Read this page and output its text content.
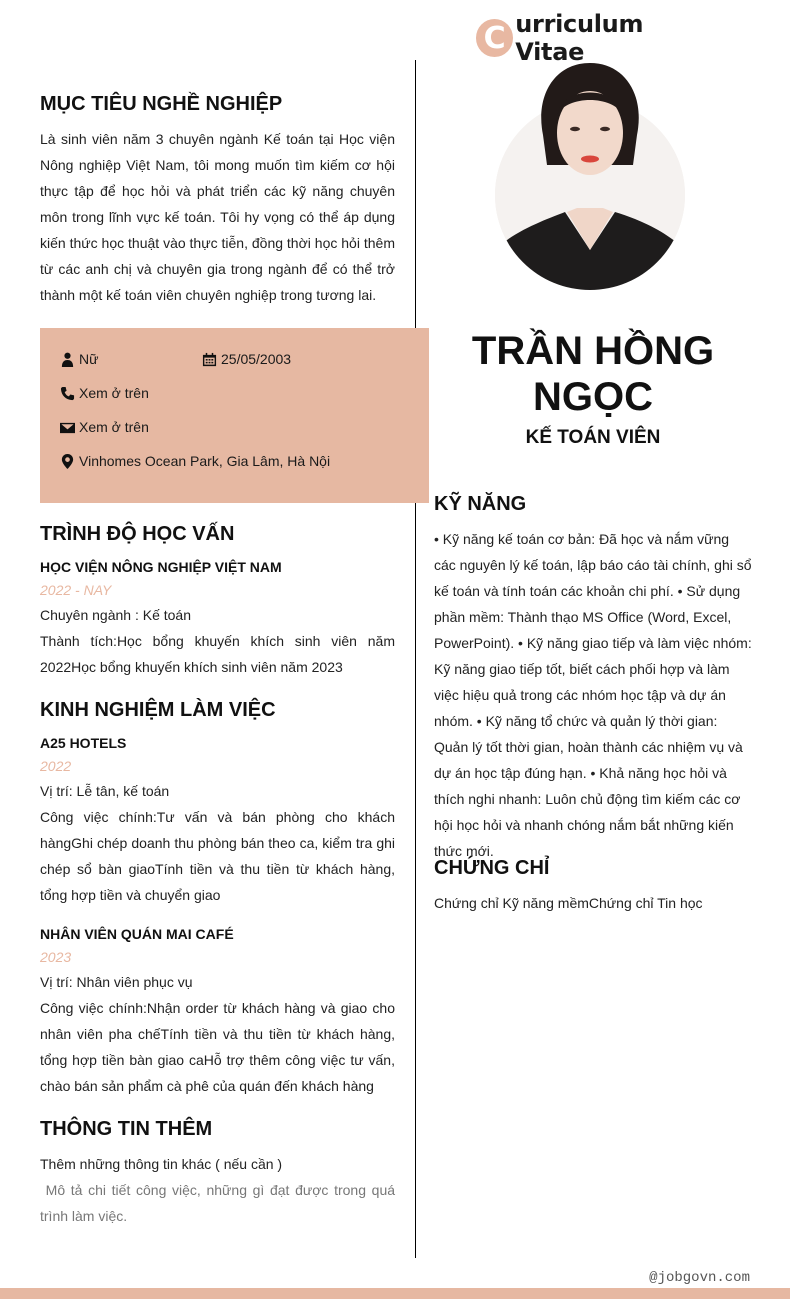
C urriculum Vitae
MỤC TIÊU NGHỀ NGHIỆP
Là sinh viên năm 3 chuyên ngành Kế toán tại Học viện Nông nghiệp Việt Nam, tôi mong muốn tìm kiếm cơ hội thực tập để học hỏi và phát triển các kỹ năng chuyên môn trong lĩnh vực kế toán. Tôi hy vọng có thể áp dụng kiến thức học thuật vào thực tiễn, đồng thời học hỏi thêm từ các anh chị và chuyên gia trong ngành để có thể trở thành một kế toán viên chuyên nghiệp trong tương lai.
Nữ	25/05/2003
Xem ở trên
Xem ở trên
Vinhomes Ocean Park, Gia Lâm, Hà Nội
TRÌNH ĐỘ HỌC VẤN
HỌC VIỆN NÔNG NGHIỆP VIỆT NAM
2022 - NAY
Chuyên ngành : Kế toán
Thành tích:Học bổng khuyến khích sinh viên năm 2022Học bổng khuyến khích sinh viên năm 2023
KINH NGHIỆM LÀM VIỆC
A25 HOTELS
2022
Vị trí: Lễ tân, kế toán
Công việc chính:Tư vấn và bán phòng cho khách hàngGhi chép doanh thu phòng bán theo ca, kiểm tra ghi chép sổ bàn giaoTính tiền và thu tiền từ khách hàng, tổng hợp tiền và chuyển giao
NHÂN VIÊN QUÁN MAI CAFÉ
2023
Vị trí: Nhân viên phục vụ
Công việc chính:Nhận order từ khách hàng và giao cho nhân viên pha chếTính tiền và thu tiền từ khách hàng, tổng hợp tiền bàn giao caHỗ trợ thêm công việc tư vấn, chào bán sản phẩm cà phê của quán đến khách hàng
THÔNG TIN THÊM
Thêm những thông tin khác ( nếu cần )
Mô tả chi tiết công việc, những gì đạt được trong quá trình làm việc.
TRẦN HỒNG NGỌC
KẾ TOÁN VIÊN
KỸ NĂNG
• Kỹ năng kế toán cơ bản: Đã học và nắm vững các nguyên lý kế toán, lập báo cáo tài chính, ghi sổ kế toán và tính toán các khoản chi phí. • Sử dụng phần mềm: Thành thạo MS Office (Word, Excel, PowerPoint). • Kỹ năng giao tiếp và làm việc nhóm: Kỹ năng giao tiếp tốt, biết cách phối hợp và làm việc hiệu quả trong các nhóm học tập và dự án nhóm. • Kỹ năng tổ chức và quản lý thời gian: Quản lý tốt thời gian, hoàn thành các nhiệm vụ và dự án học tập đúng hạn. • Khả năng học hỏi và thích nghi nhanh: Luôn chủ động tìm kiếm các cơ hội học hỏi và nhanh chóng nắm bắt những kiến thức mới.
CHỨNG CHỈ
Chứng chỉ Kỹ năng mềmChứng chỉ Tin học
@jobgovn.com
